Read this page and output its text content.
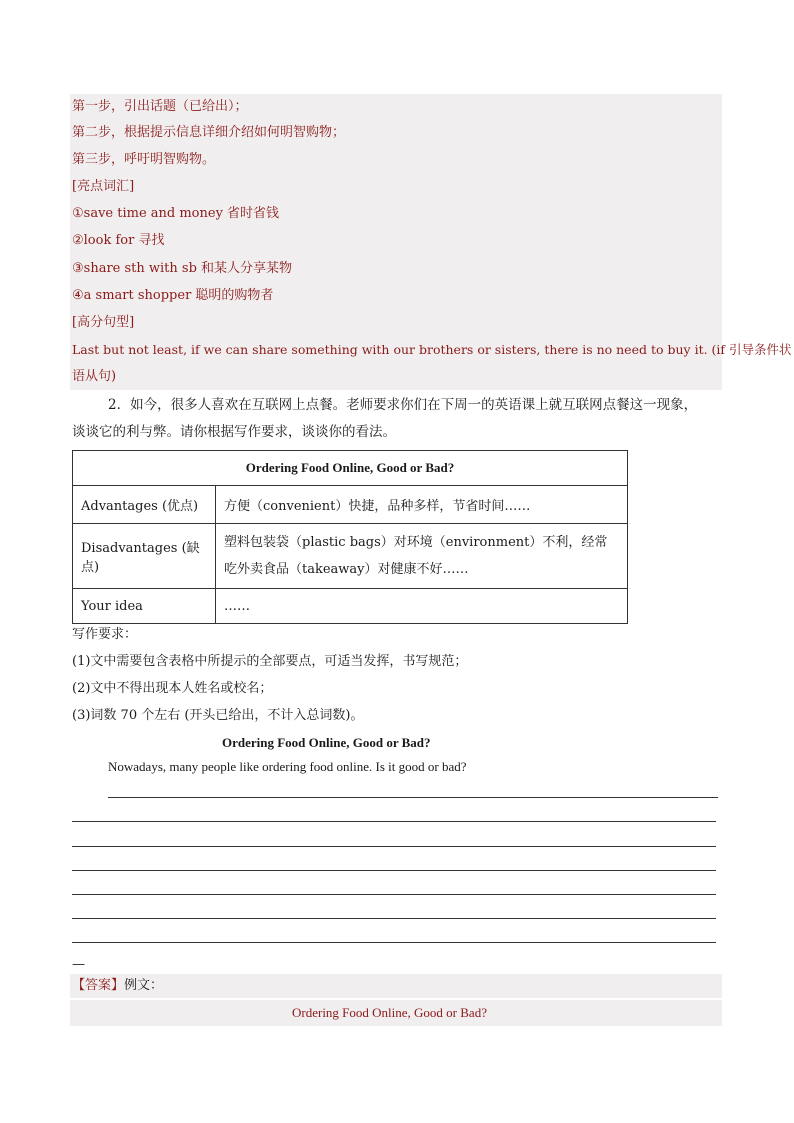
第一步，引出话题（已给出）；
第二步，根据提示信息详细介绍如何明智购物；
第三步，呼吁明智购物。
[亮点词汇]
①save time and money 省时省钱
②look for 寻找
③share sth with sb 和某人分享某物
④a smart shopper 聪明的购物者
[高分句型]
Last but not least, if we can share something with our brothers or sisters, there is no need to buy it. (if 引导条件状
语从句)
2．如今，很多人喜欢在互联网上点餐。老师要求你们在下周一的英语课上就互联网点餐这一现象，
谈谈它的利与弊。请你根据写作要求，谈谈你的看法。
Ordering Food Online, Good or Bad?	
Advantages (优点)	方便（convenient）快捷，品种多样，节省时间……
Disadvantages (缺点)	塑料包装袋（plastic bags）对环境（environment）不利，经常吃外卖食品（takeaway）对健康不好……
Your idea	……
写作要求：
(1)文中需要包含表格中所提示的全部要点，可适当发挥，书写规范；
(2)文中不得出现本人姓名或校名；
(3)词数 70 个左右 (开头已给出，不计入总词数)。
Ordering Food Online, Good or Bad?
Nowadays, many people like ordering food online. Is it good or bad?
—
【答案】例文：
Ordering Food Online, Good or Bad?
